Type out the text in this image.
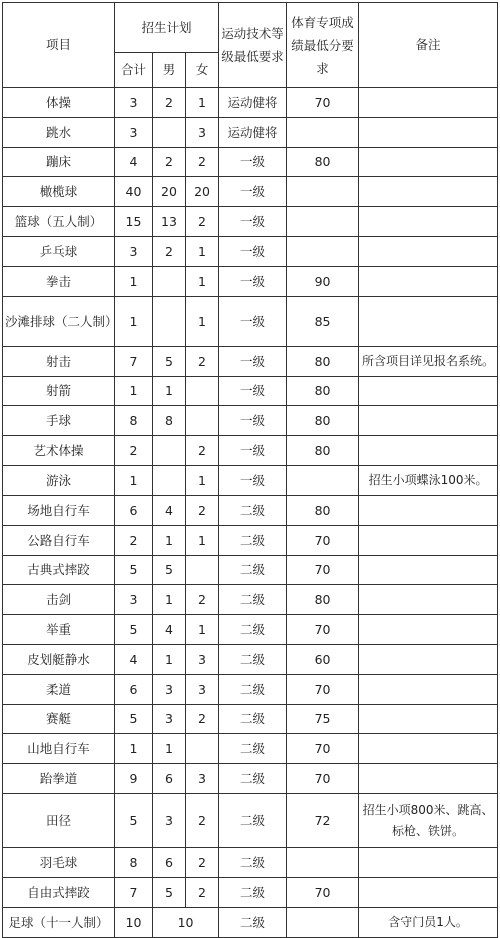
项目	招生计划			运动技术等级最低要求	体育专项成绩最低分要求	备注
	合计	男	女			
体操	3	2	1	运动健将	70	
跳水	3		3	运动健将		
蹦床	4	2	2	一级	80	
橄榄球	40	20	20	一级		
篮球（五人制）	15	13	2	一级		
乒乓球	3	2	1	一级		
拳击	1		1	一级	90	
沙滩排球（二人制）	1		1	一级	85	
射击	7	5	2	一级	80	所含项目详见报名系统。
射箭	1	1		一级	80	
手球	8	8		一级	80	
艺术体操	2		2	一级	80	
游泳	1		1	一级		招生小项蝶泳100米。
场地自行车	6	4	2	二级	80	
公路自行车	2	1	1	二级	70	
古典式摔跤	5	5		二级	70	
击剑	3	1	2	二级	80	
举重	5	4	1	二级	70	
皮划艇静水	4	1	3	二级	60	
柔道	6	3	3	二级	70	
赛艇	5	3	2	二级	75	
山地自行车	1	1		二级	70	
跆拳道	9	6	3	二级	70	
田径	5	3	2	二级	72	招生小项800米、跳高、标枪、铁饼。
羽毛球	8	6	2	二级		
自由式摔跤	7	5	2	二级	70	
足球（十一人制）	10	10		二级		含守门员1人。
